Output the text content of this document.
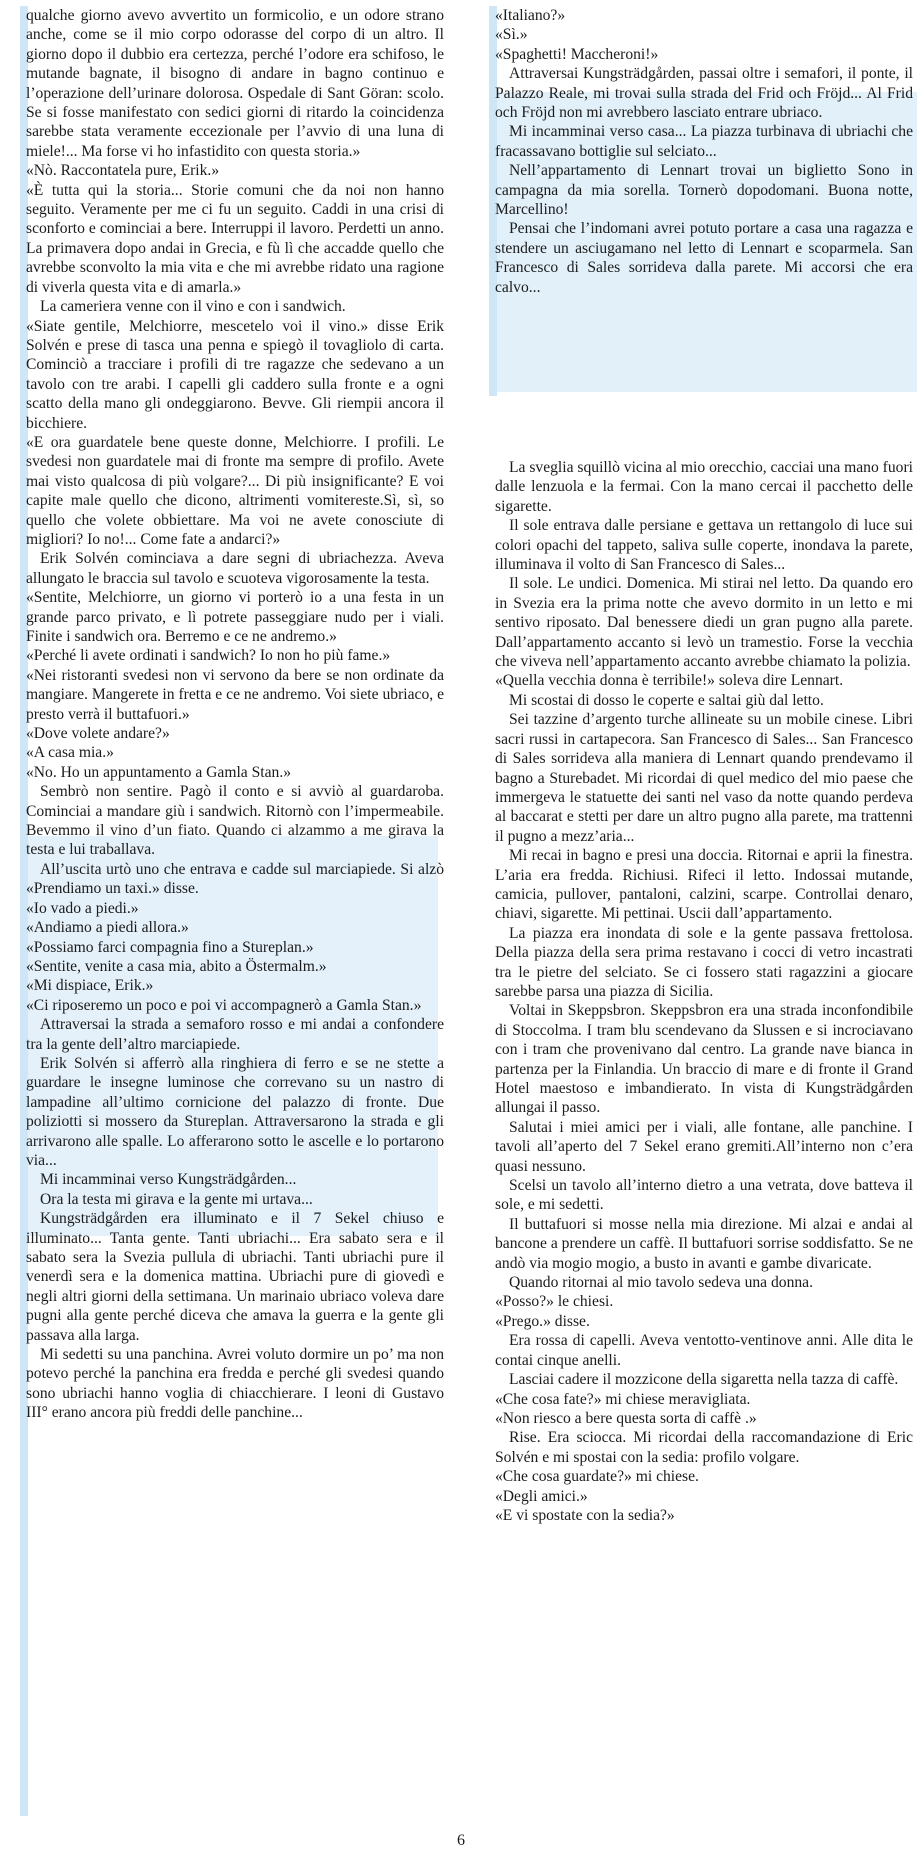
qualche giorno avevo avvertito un formicolio, e un odore strano anche, come se il mio corpo odorasse del corpo di un altro. Il giorno dopo il dubbio era certezza, perché l’odore era schifoso, le mutande bagnate, il bisogno di andare in bagno continuo e l’operazione dell’urinare dolorosa. Ospedale di Sant Göran: scolo. Se si fosse manifestato con sedici giorni di ritardo la coincidenza sarebbe stata veramente eccezionale per l’avvio di una luna di miele!... Ma forse vi ho infastidito con questa storia.»

«Nò. Raccontatela pure, Erik.»

«È tutta qui la storia... Storie comuni che da noi non hanno seguito. Veramente per me ci fu un seguito. Caddi in una crisi di sconforto e cominciai a bere. Interruppi il lavoro. Perdetti un anno. La primavera dopo andai in Grecia, e fù lì che accadde quello che avrebbe sconvolto la mia vita e che mi avrebbe ridato una ragione di viverla questa vita e di amarla.»

La cameriera venne con il vino e con i sandwich.

«Siate gentile, Melchiorre, mescetelo voi il vino.» disse Erik Solvén e prese di tasca una penna e spiegò il tovagliolo di carta. Cominciò a tracciare i profili di tre ragazze che sedevano a un tavolo con tre arabi. I capelli gli caddero sulla fronte e a ogni scatto della mano gli ondeggiarono. Bevve. Gli riempii ancora il bicchiere.

«E ora guardatele bene queste donne, Melchiorre. I profili. Le svedesi non guardatele mai di fronte ma sempre di profilo. Avete mai visto qualcosa di più volgare?... Di più insignificante? E voi capite male quello che dicono, altrimenti vomitereste.Sì, sì, so quello che volete obbiettare. Ma voi ne avete conosciute di migliori? Io no!... Come fate a andarci?»

Erik Solvén cominciava a dare segni di ubriachezza. Aveva allungato le braccia sul tavolo e scuoteva vigorosamente la testa.

«Sentite, Melchiorre, un giorno vi porterò io a una festa in un grande parco privato, e lì potrete passeggiare nudo per i viali. Finite i sandwich ora. Berremo e ce ne andremo.»

«Perché li avete ordinati i sandwich? Io non ho più fame.»

«Nei ristoranti svedesi non vi servono da bere se non ordinate da mangiare. Mangerete in fretta e ce ne andremo. Voi siete ubriaco, e presto verrà il buttafuori.»

«Dove volete andare?»

«A casa mia.»

«No. Ho un appuntamento a Gamla Stan.»

Sembrò non sentire. Pagò il conto e si avviò al guardaroba. Cominciai a mandare giù i sandwich. Ritornò con l’impermeabile. Bevemmo il vino d’un fiato. Quando ci alzammo a me girava la testa e lui traballava.

All’uscita urtò uno che entrava e cadde sul marciapiede. Si alzò «Prendiamo un taxi.» disse.

«Io vado a piedi.»

«Andiamo a piedi allora.»

«Possiamo farci compagnia fino a Stureplan.»

«Sentite, venite a casa mia, abito a Östermalm.»

«Mi dispiace, Erik.»

«Ci riposeremo un poco e poi vi accompagnerò a Gamla Stan.»

Attraversai la strada a semaforo rosso e mi andai a confondere tra la gente dell’altro marciapiede.

Erik Solvén si afferrò alla ringhiera di ferro e se ne stette a guardare le insegne luminose che correvano su un nastro di lampadine all’ultimo cornicione del palazzo di fronte. Due poliziotti si mossero da Stureplan. Attraversarono la strada e gli arrivarono alle spalle. Lo afferarono sotto le ascelle e lo portarono via...

Mi incamminai verso Kungsträdgården...

Ora la testa mi girava e la gente mi urtava...

Kungsträdgården era illuminato e il 7 Sekel chiuso e illuminato... Tanta gente. Tanti ubriachi... Era sabato sera e il sabato sera la Svezia pullula di ubriachi. Tanti ubriachi pure il venerdì sera e la domenica mattina. Ubriachi pure di giovedì e negli altri giorni della settimana. Un marinaio ubriaco voleva dare pugni alla gente perché diceva che amava la guerra e la gente gli passava alla larga.

Mi sedetti su una panchina. Avrei voluto dormire un po’ ma non potevo perché la panchina era fredda e perché gli svedesi quando sono ubriachi hanno voglia di chiacchierare. I leoni di Gustavo III° erano ancora più freddi delle panchine...

«Italiano?»

«Sì.»

«Spaghetti! Maccheroni!»

Attraversai Kungsträdgården, passai oltre i semafori, il ponte, il Palazzo Reale, mi trovai sulla strada del Frid och Fröjd... Al Frid och Fröjd non mi avrebbero lasciato entrare ubriaco.

Mi incamminai verso casa... La piazza turbinava di ubriachi che fracassavano bottiglie sul selciato...

Nell’appartamento di Lennart trovai un biglietto Sono in campagna da mia sorella. Tornerò dopodomani. Buona notte, Marcellino!

Pensai che l’indomani avrei potuto portare a casa una ragazza e stendere un asciugamano nel letto di Lennart e scoparmela. San Francesco di Sales sorrideva dalla parete. Mi accorsi che era calvo...

La sveglia squillò vicina al mio orecchio, cacciai una mano fuori dalle lenzuola e la fermai. Con la mano cercai il pacchetto delle sigarette.

Il sole entrava dalle persiane e gettava un rettangolo di luce sui colori opachi del tappeto, saliva sulle coperte, inondava la parete, illuminava il volto di San Francesco di Sales...

Il sole. Le undici. Domenica. Mi stirai nel letto. Da quando ero in Svezia era la prima notte che avevo dormito in un letto e mi sentivo riposato. Dal benessere diedi un gran pugno alla parete. Dall’appartamento accanto si levò un tramestio. Forse la vecchia che viveva nell’appartamento accanto avrebbe chiamato la polizia.

«Quella vecchia donna è terribile!» soleva dire Lennart.

Mi scostai di dosso le coperte e saltai giù dal letto.

Sei tazzine d’argento turche allineate su un mobile cinese. Libri sacri russi in cartapecora. San Francesco di Sales... San Francesco di Sales sorrideva alla maniera di Lennart quando prendevamo il bagno a Sturebadet. Mi ricordai di quel medico del mio paese che immergeva le statuette dei santi nel vaso da notte quando perdeva al baccarat e stetti per dare un altro pugno alla parete, ma trattenni il pugno a mezz’aria...

Mi recai in bagno e presi una doccia. Ritornai e aprii la finestra. L’aria era fredda. Richiusi. Rifeci il letto. Indossai mutande, camicia, pullover, pantaloni, calzini, scarpe. Controllai denaro, chiavi, sigarette. Mi pettinai. Uscii dall’appartamento.

La piazza era inondata di sole e la gente passava frettolosa. Della piazza della sera prima restavano i cocci di vetro incastrati tra le pietre del selciato. Se ci fossero stati ragazzini a giocare sarebbe parsa una piazza di Sicilia.

Voltai in Skeppsbron. Skeppsbron era una strada inconfondibile di Stoccolma. I tram blu scendevano da Slussen e si incrociavano con i tram che provenivano dal centro. La grande nave bianca in partenza per la Finlandia. Un braccio di mare e di fronte il Grand Hotel maestoso e imbandierato. In vista di Kungsträdgården allungai il passo.

Salutai i miei amici per i viali, alle fontane, alle panchine. I tavoli all’aperto del 7 Sekel erano gremiti.All’interno non c’era quasi nessuno.

Scelsi un tavolo all’interno dietro a una vetrata, dove batteva il sole, e mi sedetti.

Il buttafuori si mosse nella mia direzione. Mi alzai e andai al bancone a prendere un caffè. Il buttafuori sorrise soddisfatto. Se ne andò via mogio mogio, a busto in avanti e gambe divaricate.

Quando ritornai al mio tavolo sedeva una donna.

«Posso?» le chiesi.

«Prego.» disse.

Era rossa di capelli. Aveva ventotto-ventinove anni. Alle dita le contai cinque anelli.

Lasciai cadere il mozzicone della sigaretta nella tazza di caffè.

«Che cosa fate?» mi chiese meravigliata.

«Non riesco a bere questa sorta di caffè .»

Rise. Era sciocca. Mi ricordai della raccomandazione di Eric Solvén e mi spostai con la sedia: profilo volgare.

«Che cosa guardate?» mi chiese.

«Degli amici.»

«E vi spostate con la sedia?»

6
